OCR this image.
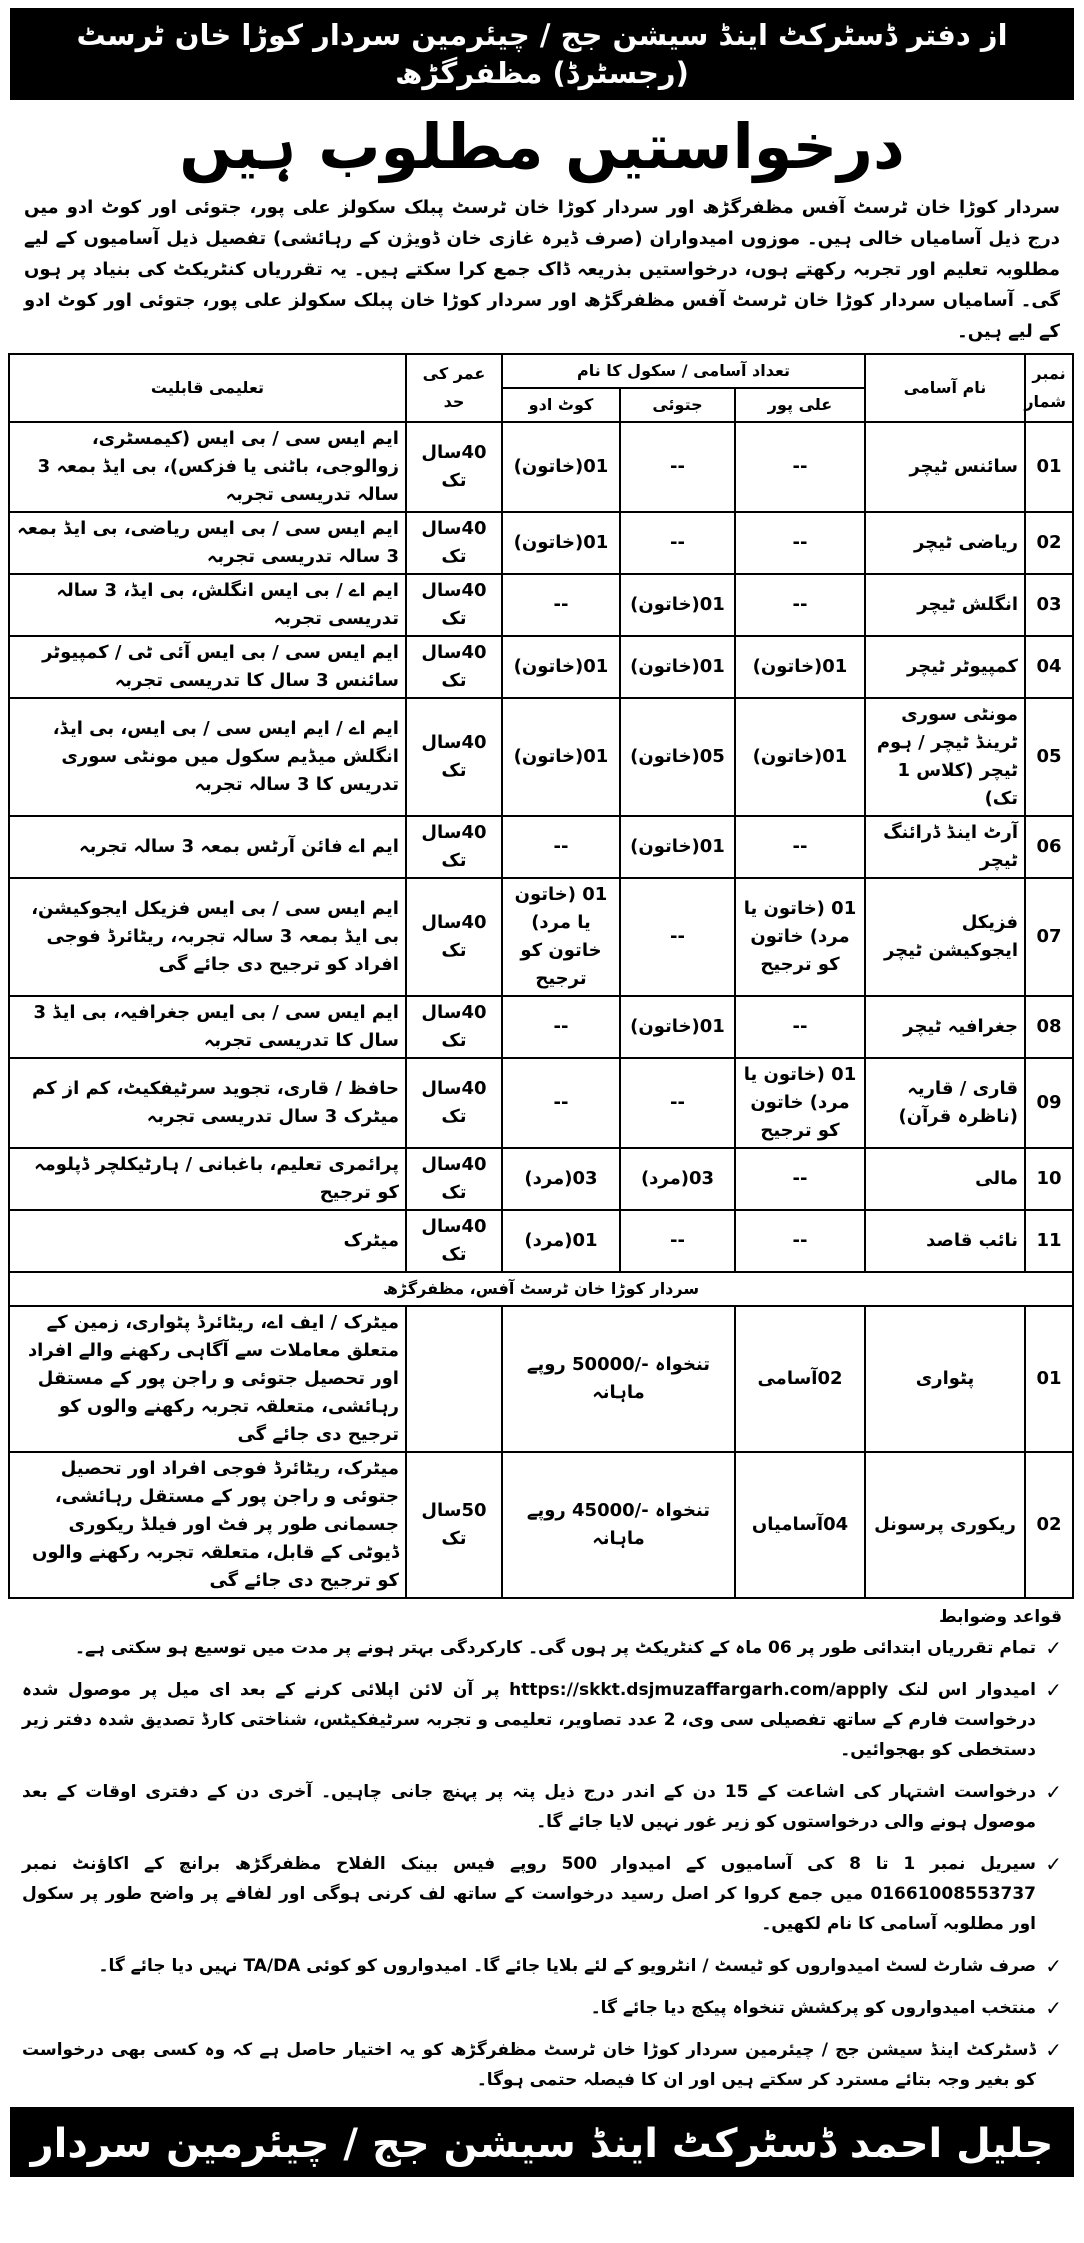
از دفتر ڈسٹرکٹ اینڈ سیشن جج / چیئرمین سردار کوڑا خان ٹرسٹ (رجسٹرڈ) مظفرگڑھ
درخواستیں مطلوب ہیں
سردار کوڑا خان ٹرسٹ آفس مظفرگڑھ اور سردار کوڑا خان ٹرسٹ پبلک سکولز علی پور، جتوئی اور کوٹ ادو میں درج ذیل آسامیاں خالی ہیں۔ موزوں امیدواران (صرف ڈیرہ غازی خان ڈویژن کے رہائشی) تفصیل ذیل آسامیوں کے لیے مطلوبہ تعلیم اور تجربہ رکھتے ہوں، درخواستیں بذریعہ ڈاک جمع کرا سکتے ہیں۔ یہ تقرریاں کنٹریکٹ کی بنیاد پر ہوں گی۔ آسامیاں سردار کوڑا خان ٹرسٹ آفس مظفرگڑھ اور سردار کوڑا خان پبلک سکولز علی پور، جتوئی اور کوٹ ادو کے لیے ہیں۔
نمبر شمار	نام آسامی	تعداد آسامی / سکول کا نام			عمر کی حد	تعلیمی قابلیت
		علی پور	جتوئی	کوٹ ادو		
01	سائنس ٹیچر	--	--	01(خاتون)	40سال تک	ایم ایس سی / بی ایس (کیمسٹری، زوالوجی، باٹنی یا فزکس)، بی ایڈ بمعہ 3 سالہ تدریسی تجربہ
02	ریاضی ٹیچر	--	--	01(خاتون)	40سال تک	ایم ایس سی / بی ایس ریاضی، بی ایڈ بمعہ 3 سالہ تدریسی تجربہ
03	انگلش ٹیچر	--	01(خاتون)	--	40سال تک	ایم اے / بی ایس انگلش، بی ایڈ، 3 سالہ تدریسی تجربہ
04	کمپیوٹر ٹیچر	01(خاتون)	01(خاتون)	01(خاتون)	40سال تک	ایم ایس سی / بی ایس آئی ٹی / کمپیوٹر سائنس 3 سال کا تدریسی تجربہ
05	مونٹی سوری ٹرینڈ ٹیچر / ہوم ٹیچر (کلاس 1 تک)	01(خاتون)	05(خاتون)	01(خاتون)	40سال تک	ایم اے / ایم ایس سی / بی ایس، بی ایڈ، انگلش میڈیم سکول میں مونٹی سوری تدریس کا 3 سالہ تجربہ
06	آرٹ اینڈ ڈرائنگ ٹیچر	--	01(خاتون)	--	40سال تک	ایم اے فائن آرٹس بمعہ 3 سالہ تجربہ
07	فزیکل ایجوکیشن ٹیچر	01 (خاتون یا مرد) خاتون کو ترجیح	--	01 (خاتون یا مرد) خاتون کو ترجیح	40سال تک	ایم ایس سی / بی ایس فزیکل ایجوکیشن، بی ایڈ بمعہ 3 سالہ تجربہ، ریٹائرڈ فوجی افراد کو ترجیح دی جائے گی
08	جغرافیہ ٹیچر	--	01(خاتون)	--	40سال تک	ایم ایس سی / بی ایس جغرافیہ، بی ایڈ 3 سال کا تدریسی تجربہ
09	قاری / قاریہ (ناظرہ قرآن)	01 (خاتون یا مرد) خاتون کو ترجیح	--	--	40سال تک	حافظ / قاری، تجوید سرٹیفکیٹ، کم از کم میٹرک 3 سال تدریسی تجربہ
10	مالی	--	03(مرد)	03(مرد)	40سال تک	پرائمری تعلیم، باغبانی / ہارٹیکلچر ڈپلومہ کو ترجیح
11	نائب قاصد	--	--	01(مرد)	40سال تک	میٹرک
سردار کوڑا خان ٹرسٹ آفس، مظفرگڑھ						
01	پٹواری	02آسامی	تنخواہ -/50000 روپے ماہانہ			میٹرک / ایف اے، ریٹائرڈ پٹواری، زمین کے متعلق معاملات سے آگاہی رکھنے والے افراد اور تحصیل جتوئی و راجن پور کے مستقل رہائشی، متعلقہ تجربہ رکھنے والوں کو ترجیح دی جائے گی
02	ریکوری پرسونل	04آسامیاں	تنخواہ -/45000 روپے ماہانہ		50سال تک	میٹرک، ریٹائرڈ فوجی افراد اور تحصیل جتوئی و راجن پور کے مستقل رہائشی، جسمانی طور پر فٹ اور فیلڈ ریکوری ڈیوٹی کے قابل، متعلقہ تجربہ رکھنے والوں کو ترجیح دی جائے گی
قواعد وضوابط
✓
تمام تقرریاں ابتدائی طور پر 06 ماہ کے کنٹریکٹ پر ہوں گی۔ کارکردگی بہتر ہونے پر مدت میں توسیع ہو سکتی ہے۔
✓
امیدوار اس لنک https://skkt.dsjmuzaffargarh.com/apply پر آن لائن اپلائی کرنے کے بعد ای میل پر موصول شدہ درخواست فارم کے ساتھ تفصیلی سی وی، 2 عدد تصاویر، تعلیمی و تجربہ سرٹیفکیٹس، شناختی کارڈ تصدیق شدہ دفتر زیر دستخطی کو بھجوائیں۔
✓
درخواست اشتہار کی اشاعت کے 15 دن کے اندر درج ذیل پتہ پر پہنچ جانی چاہیں۔ آخری دن کے دفتری اوقات کے بعد موصول ہونے والی درخواستوں کو زیر غور نہیں لایا جائے گا۔
✓
سیریل نمبر 1 تا 8 کی آسامیوں کے امیدوار 500 روپے فیس بینک الفلاح مظفرگڑھ برانچ کے اکاؤنٹ نمبر 01661008553737 میں جمع کروا کر اصل رسید درخواست کے ساتھ لف کرنی ہوگی اور لفافے پر واضح طور پر سکول اور مطلوبہ آسامی کا نام لکھیں۔
✓
صرف شارٹ لسٹ امیدواروں کو ٹیسٹ / انٹرویو کے لئے بلایا جائے گا۔ امیدواروں کو کوئی TA/DA نہیں دیا جائے گا۔
✓
منتخب امیدواروں کو پرکشش تنخواہ پیکج دیا جائے گا۔
✓
ڈسٹرکٹ اینڈ سیشن جج / چیئرمین سردار کوڑا خان ٹرسٹ مظفرگڑھ کو یہ اختیار حاصل ہے کہ وہ کسی بھی درخواست کو بغیر وجہ بتائے مسترد کر سکتے ہیں اور ان کا فیصلہ حتمی ہوگا۔
جلیل احمد ڈسٹرکٹ اینڈ سیشن جج / چیئرمین سردار کوڑا خان ٹرسٹ، مظفرگڑھ
